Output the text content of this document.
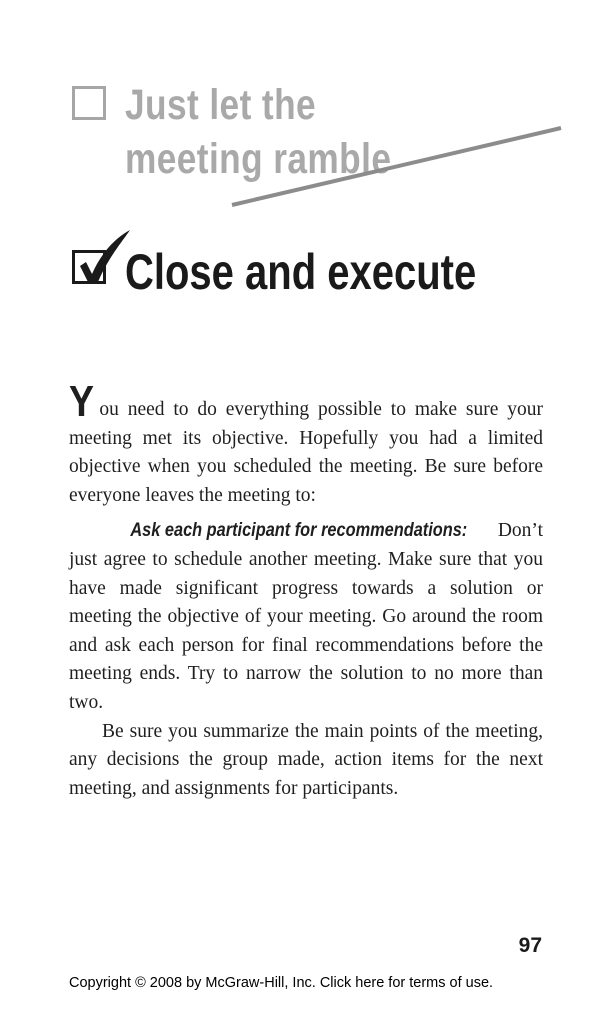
Just let the meeting ramble
Close and execute

You need to do everything possible to make sure your meeting met its objective. Hopefully you had a limited objective when you scheduled the meeting. Be sure before everyone leaves the meeting to:

Ask each participant for recommendations: Don’t just agree to schedule another meeting. Make sure that you have made significant progress towards a solution or meeting the objective of your meeting. Go around the room and ask each person for final recommendations before the meeting ends. Try to narrow the solution to no more than two.

Be sure you summarize the main points of the meeting, any decisions the group made, action items for the next meeting, and assignments for participants.

97
Copyright © 2008 by McGraw-Hill, Inc. Click here for terms of use.
